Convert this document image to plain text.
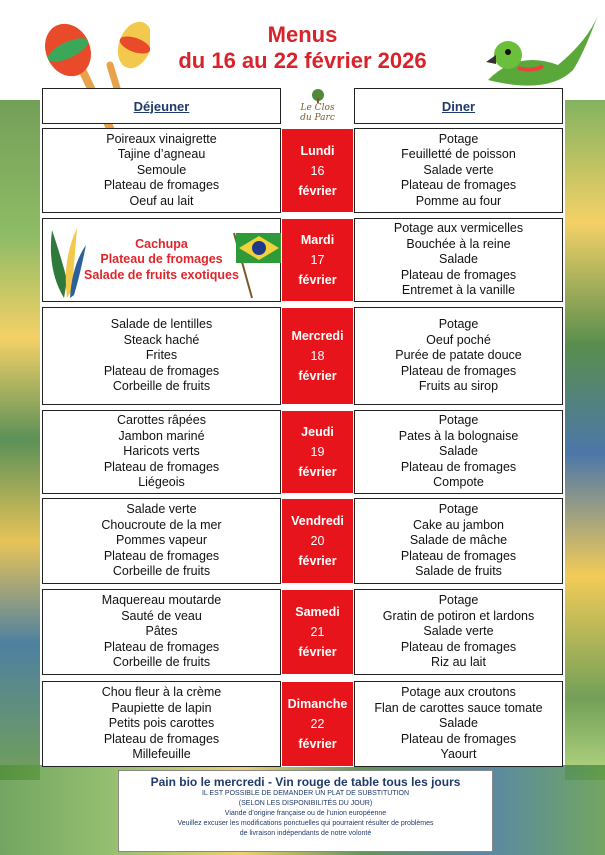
Menus
du 16 au 22 février 2026
Déjeuner	Le Clos
du Parc
Diner
Poireaux vinaigrette
Tajine d’agneau
Semoule
Plateau de fromages
Oeuf au lait
Lundi
16
février
Potage
Feuilletté de poisson
Salade verte
Plateau de fromages
Pomme au four
Cachupa
Plateau de fromages
Salade de fruits exotiques
Mardi
17
février
Potage aux vermicelles
Bouchée à la reine
Salade
Plateau de fromages
Entremet à la vanille
Salade de lentilles
Steack haché
Frites
Plateau de fromages
Corbeille de fruits
Mercredi
18
février
Potage
Oeuf poché
Purée de patate douce
Plateau de fromages
Fruits au sirop
Carottes râpées
Jambon mariné
Haricots verts
Plateau de fromages
Liégeois
Jeudi
19
février
Potage
Pates à la bolognaise
Salade
Plateau de fromages
Compote
Salade verte
Choucroute de la mer
Pommes vapeur
Plateau de fromages
Corbeille de fruits
Vendredi
20
février
Potage
Cake au jambon
Salade de mâche
Plateau de fromages
Salade de fruits
Maquereau moutarde
Sauté de veau
Pâtes
Plateau de fromages
Corbeille de fruits
Samedi
21
février
Potage
Gratin de potiron et lardons
Salade verte
Plateau de fromages
Riz au lait
Chou fleur à la crème
Paupiette de lapin
Petits pois carottes
Plateau de fromages
Millefeuille
Dimanche
22
février
Potage aux croutons
Flan de carottes sauce tomate
Salade
Plateau de fromages
Yaourt
Pain bio le mercredi - Vin rouge de table tous les jours
IL EST POSSIBLE DE DEMANDER UN PLAT DE SUBSTITUTION
(SELON LES DISPONIBILITÉS DU JOUR)
Viande d’origine française ou de l’union européenne
Veuillez excuser les modifications ponctuelles qui pourraient résulter de problèmes
de livraison indépendants de notre volonté
